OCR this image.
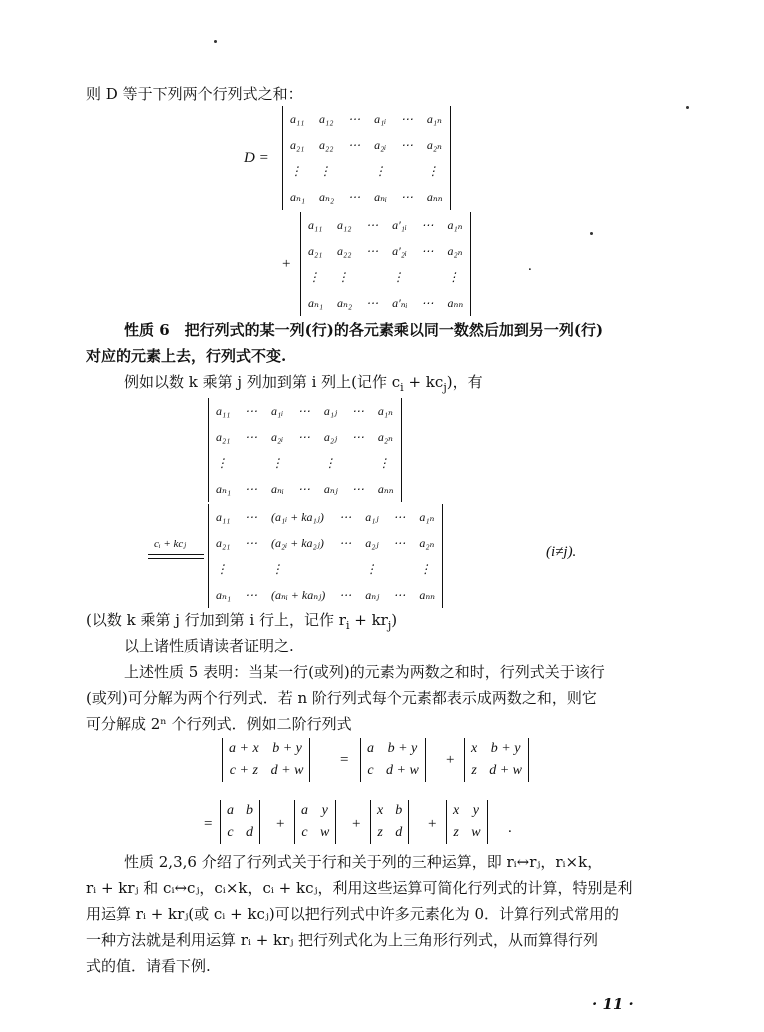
则 D 等于下列两个行列式之和：
D =
a₁₁	a₁₂	⋯	a₁ᵢ	⋯	a₁ₙ
a₂₁	a₂₂	⋯	a₂ᵢ	⋯	a₂ₙ
⋮	⋮		⋮		⋮
aₙ₁	aₙ₂	⋯	aₙᵢ	⋯	aₙₙ
+
a₁₁	a₁₂	⋯	a′₁ᵢ	⋯	a₁ₙ
a₂₁	a₂₂	⋯	a′₂ᵢ	⋯	a₂ₙ
⋮	⋮		⋮		⋮
aₙ₁	aₙ₂	⋯	a′ₙᵢ	⋯	aₙₙ
.
性质 6　把行列式的某一列(行)的各元素乘以同一数然后加到另一列(行)
对应的元素上去，行列式不变.
例如以数 k 乘第 j 列加到第 i 列上(记作 $c_i + kc_j$)，有
a₁₁	⋯	a₁ᵢ	⋯	a₁ⱼ	⋯	a₁ₙ
a₂₁	⋯	a₂ᵢ	⋯	a₂ⱼ	⋯	a₂ₙ
⋮		⋮		⋮		⋮
aₙ₁	⋯	aₙᵢ	⋯	aₙⱼ	⋯	aₙₙ
cᵢ + kcⱼ
a₁₁	⋯	(a₁ᵢ + ka₁ⱼ)	⋯	a₁ⱼ	⋯	a₁ₙ
a₂₁	⋯	(a₂ᵢ + ka₂ⱼ)	⋯	a₂ⱼ	⋯	a₂ₙ
⋮		⋮		⋮		⋮
aₙ₁	⋯	(aₙᵢ + kaₙⱼ)	⋯	aₙⱼ	⋯	aₙₙ
(i≠j).
(以数 k 乘第 j 行加到第 i 行上，记作 $r_i + kr_j$)
以上诸性质请读者证明之.
上述性质 5 表明：当某一行(或列)的元素为两数之和时，行列式关于该行
(或列)可分解为两个行列式．若 n 阶行列式每个元素都表示成两数之和，则它
可分解成 2ⁿ 个行列式．例如二阶行列式
a + x	b + y
c + z	d + w
=
a	b + y
c	d + w
+
x	b + y
z	d + w
=
a	b
c	d
+
a	y
c	w
+
x	b
z	d
+
x	y
z	w .
性质 2,3,6 介绍了行列式关于行和关于列的三种运算，即 rᵢ↔rⱼ，rᵢ×k，
rᵢ + krⱼ 和 cᵢ↔cⱼ，cᵢ×k，cᵢ + kcⱼ，利用这些运算可简化行列式的计算，特别是利
用运算 rᵢ + krⱼ(或 cᵢ + kcⱼ)可以把行列式中许多元素化为 0．计算行列式常用的
一种方法就是利用运算 rᵢ + krⱼ 把行列式化为上三角形行列式，从而算得行列
式的值．请看下例.
· 11 ·
